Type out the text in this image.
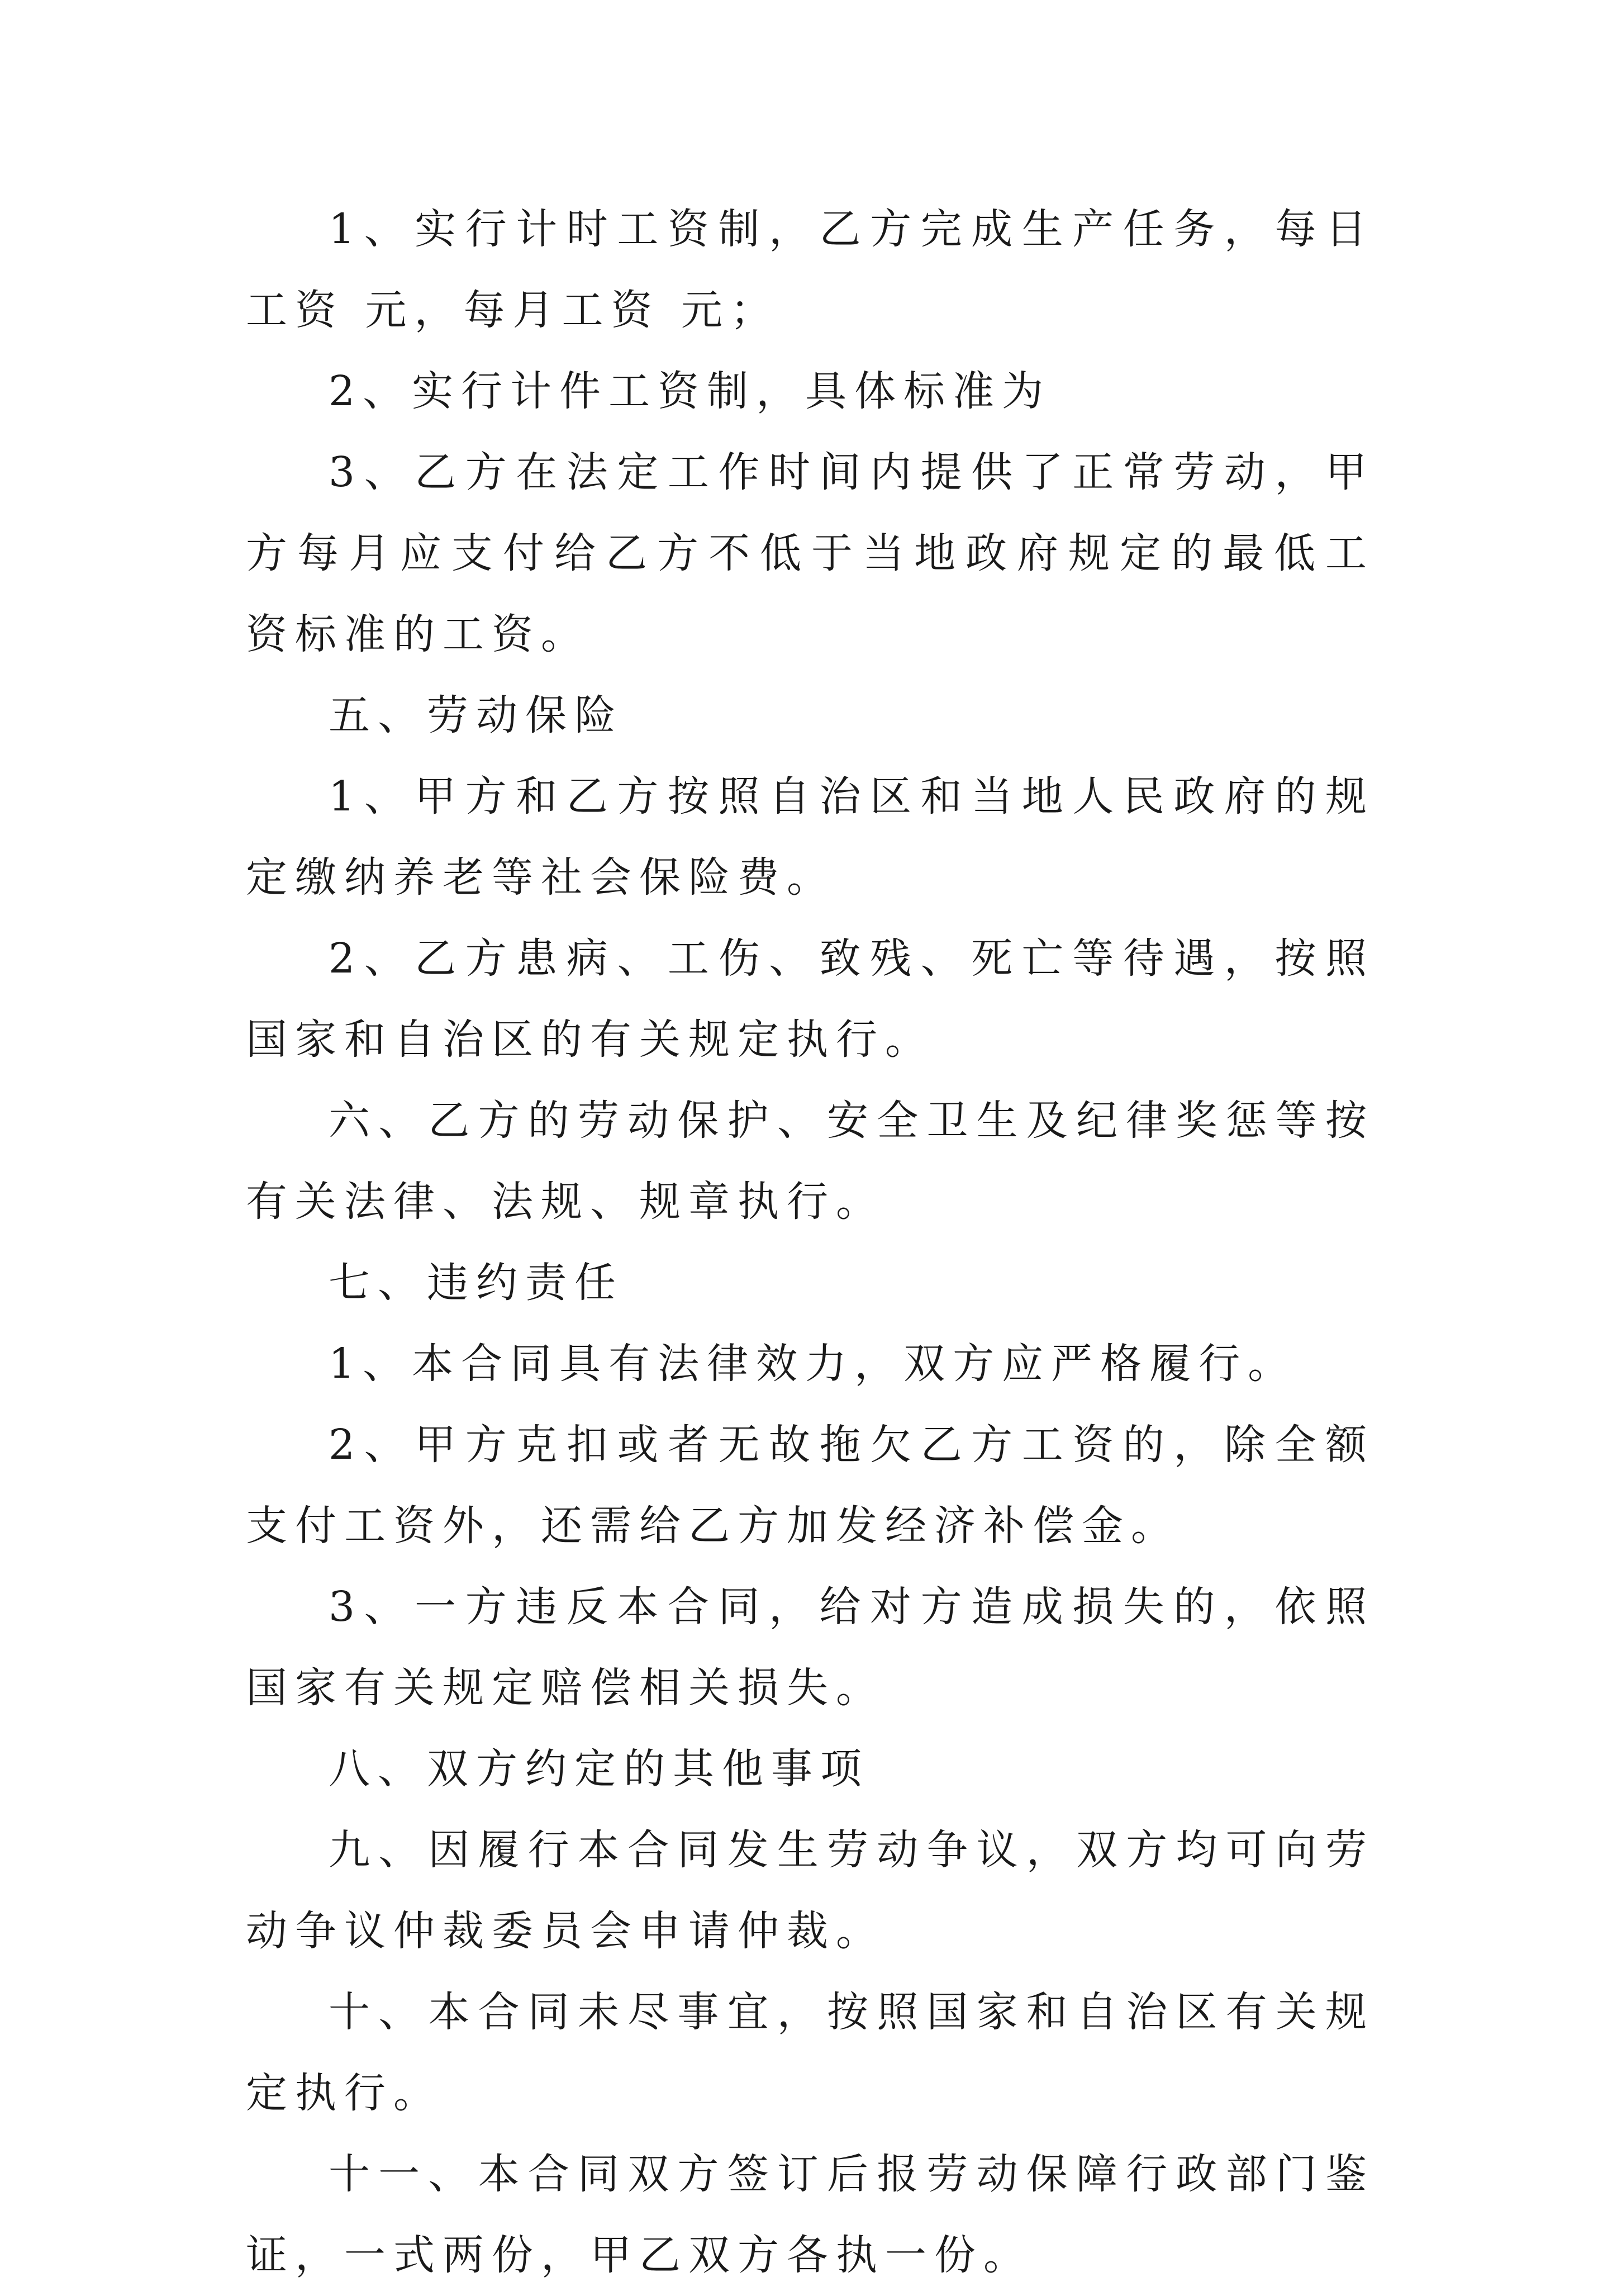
1、实行计时工资制，乙方完成生产任务，每日工资 元，每月工资 元；

2、实行计件工资制，具体标准为

3、乙方在法定工作时间内提供了正常劳动，甲方每月应支付给乙方不低于当地政府规定的最低工资标准的工资。

五、劳动保险

1、甲方和乙方按照自治区和当地人民政府的规定缴纳养老等社会保险费。

2、乙方患病、工伤、致残、死亡等待遇，按照国家和自治区的有关规定执行。

六、乙方的劳动保护、安全卫生及纪律奖惩等按有关法律、法规、规章执行。

七、违约责任

1、本合同具有法律效力，双方应严格履行。

2、甲方克扣或者无故拖欠乙方工资的，除全额支付工资外，还需给乙方加发经济补偿金。

3、一方违反本合同，给对方造成损失的，依照国家有关规定赔偿相关损失。

八、双方约定的其他事项

九、因履行本合同发生劳动争议，双方均可向劳动争议仲裁委员会申请仲裁。

十、本合同未尽事宜，按照国家和自治区有关规定执行。

十一、本合同双方签订后报劳动保障行政部门鉴证，一式两份，甲乙双方各执一份。
